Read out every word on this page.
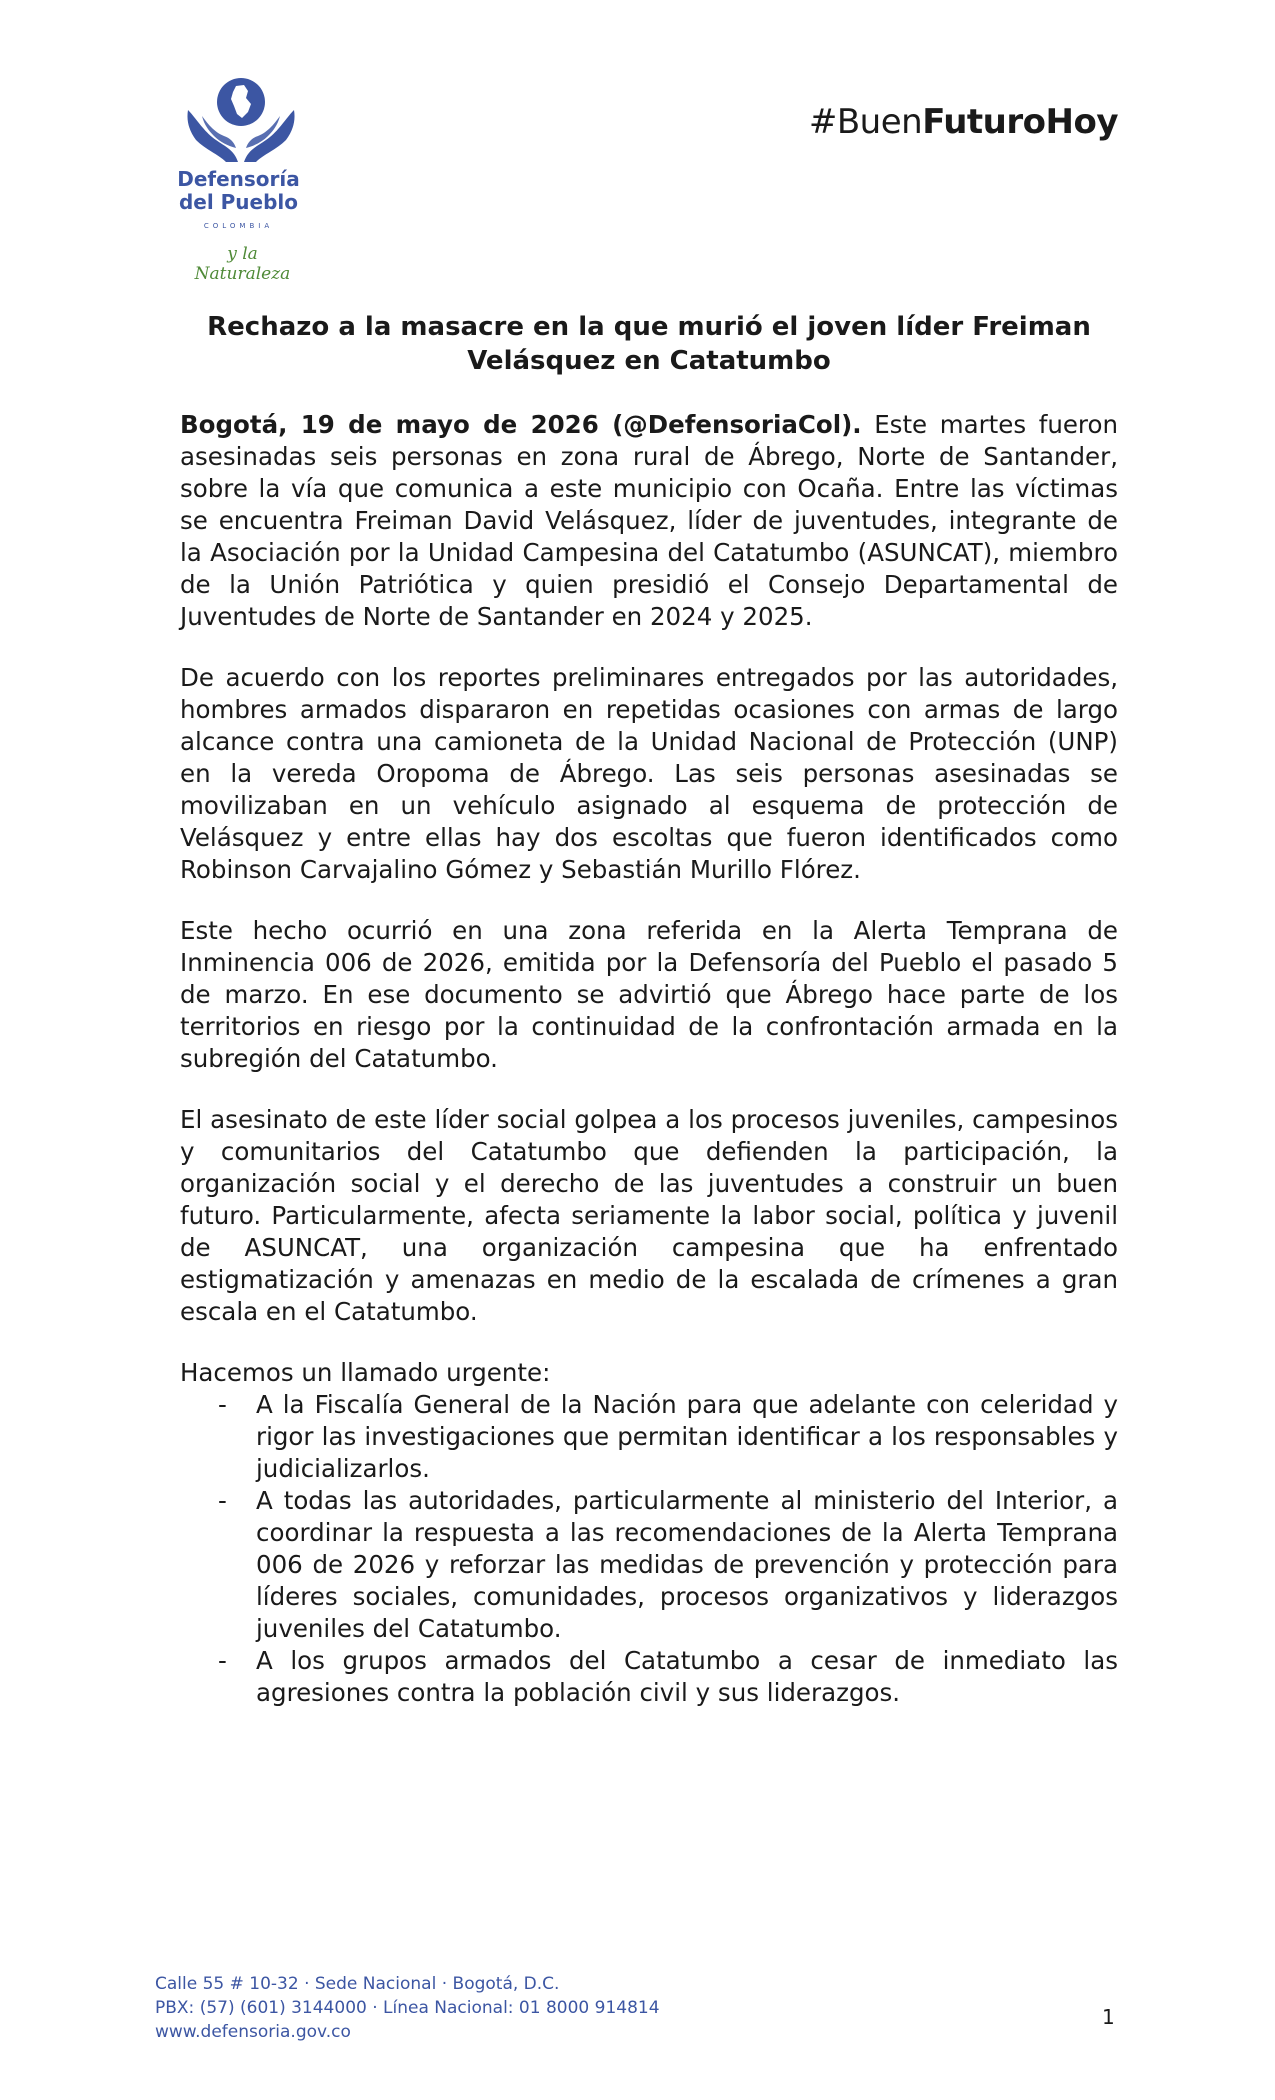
Defensoría
del Pueblo
COLOMBIA
y la Naturaleza
#BuenFuturoHoy
Rechazo a la masacre en la que murió el joven líder Freiman
Velásquez en Catatumbo

Bogotá, 19 de mayo de 2026 (@DefensoriaCol). Este martes fueron asesinadas seis personas en zona rural de Ábrego, Norte de Santander, sobre la vía que comunica a este municipio con Ocaña. Entre las víctimas se encuentra Freiman David Velásquez, líder de juventudes, integrante de la Asociación por la Unidad Campesina del Catatumbo (ASUNCAT), miembro de la Unión Patriótica y quien presidió el Consejo Departamental de Juventudes de Norte de Santander en 2024 y 2025.

De acuerdo con los reportes preliminares entregados por las autoridades, hombres armados dispararon en repetidas ocasiones con armas de largo alcance contra una camioneta de la Unidad Nacional de Protección (UNP) en la vereda Oropoma de Ábrego. Las seis personas asesinadas se movilizaban en un vehículo asignado al esquema de protección de Velásquez y entre ellas hay dos escoltas que fueron identificados como Robinson Carvajalino Gómez y Sebastián Murillo Flórez.

Este hecho ocurrió en una zona referida en la Alerta Temprana de Inminencia 006 de 2026, emitida por la Defensoría del Pueblo el pasado 5 de marzo. En ese documento se advirtió que Ábrego hace parte de los territorios en riesgo por la continuidad de la confrontación armada en la subregión del Catatumbo.

El asesinato de este líder social golpea a los procesos juveniles, campesinos y comunitarios del Catatumbo que defienden la participación, la organización social y el derecho de las juventudes a construir un buen futuro. Particularmente, afecta seriamente la labor social, política y juvenil de ASUNCAT, una organización campesina que ha enfrentado estigmatización y amenazas en medio de la escalada de crímenes a gran escala en el Catatumbo.

Hacemos un llamado urgente:
- A la Fiscalía General de la Nación para que adelante con celeridad y rigor las investigaciones que permitan identificar a los responsables y judicializarlos.
- A todas las autoridades, particularmente al ministerio del Interior, a coordinar la respuesta a las recomendaciones de la Alerta Temprana 006 de 2026 y reforzar las medidas de prevención y protección para líderes sociales, comunidades, procesos organizativos y liderazgos juveniles del Catatumbo.
- A los grupos armados del Catatumbo a cesar de inmediato las agresiones contra la población civil y sus liderazgos.
Calle 55 # 10-32 · Sede Nacional · Bogotá, D.C.
PBX: (57) (601) 3144000 · Línea Nacional: 01 8000 914814
www.defensoria.gov.co
1
